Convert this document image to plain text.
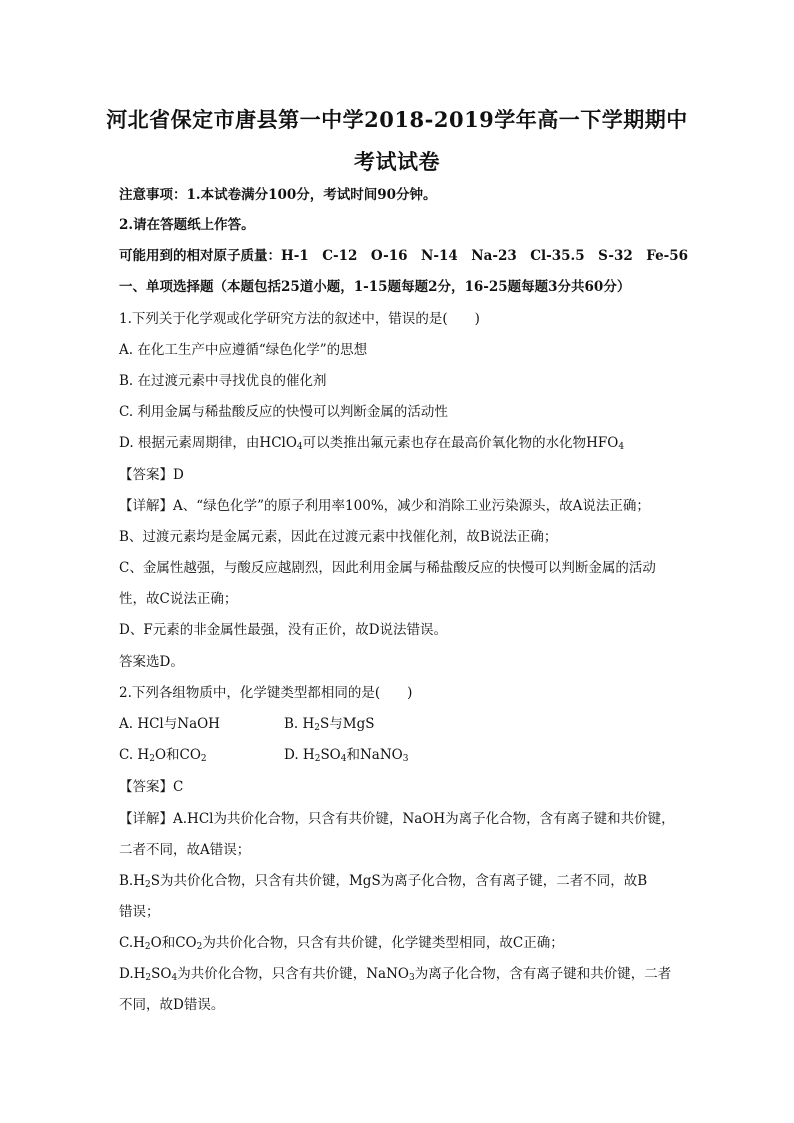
河北省保定市唐县第一中学2018-2019学年高一下学期期中
考试试卷
注意事项：1.本试卷满分100分，考试时间90分钟。
2.请在答题纸上作答。
可能用到的相对原子质量：H-1　C-12　O-16　N-14　Na-23　Cl-35.5　S-32　Fe-56
一、单项选择题（本题包括25道小题，1-15题每题2分，16-25题每题3分共60分）
1.下列关于化学观或化学研究方法的叙述中，错误的是(　　)
A. 在化工生产中应遵循“绿色化学”的思想
B. 在过渡元素中寻找优良的催化剂
C. 利用金属与稀盐酸反应的快慢可以判断金属的活动性
D. 根据元素周期律，由HClO$_4$可以类推出氟元素也存在最高价氧化物的水化物$HFO_4$
【答案】D
【详解】A、“绿色化学”的原子利用率100%，减少和消除工业污染源头，故A说法正确；
B、过渡元素均是金属元素，因此在过渡元素中找催化剂，故B说法正确；
C、金属性越强，与酸反应越剧烈，因此利用金属与稀盐酸反应的快慢可以判断金属的活动
性，故C说法正确；
D、F元素的非金属性最强，没有正价，故D说法错误。
答案选D。
2.下列各组物质中，化学键类型都相同的是(　　)
A. HCl与NaOH	B. $H_2S$与MgS
C. $H_2O$和$CO_2$	D. $H_2SO_4$和NaNO$_3$
【答案】C
【详解】A.HCl为共价化合物，只含有共价键，NaOH为离子化合物，含有离子键和共价键，
二者不同，故A错误；
$B.H_2S$为共价化合物，只含有共价键，MgS为离子化合物，含有离子键，二者不同，故B
错误；
$C.H_2O$和$CO_2$为共价化合物，只含有共价键，化学键类型相同，故C正确；
$D.H_2SO_4$为共价化合物，只含有共价键，NaNO$_3$为离子化合物，含有离子键和共价键，二者
不同，故D错误。
